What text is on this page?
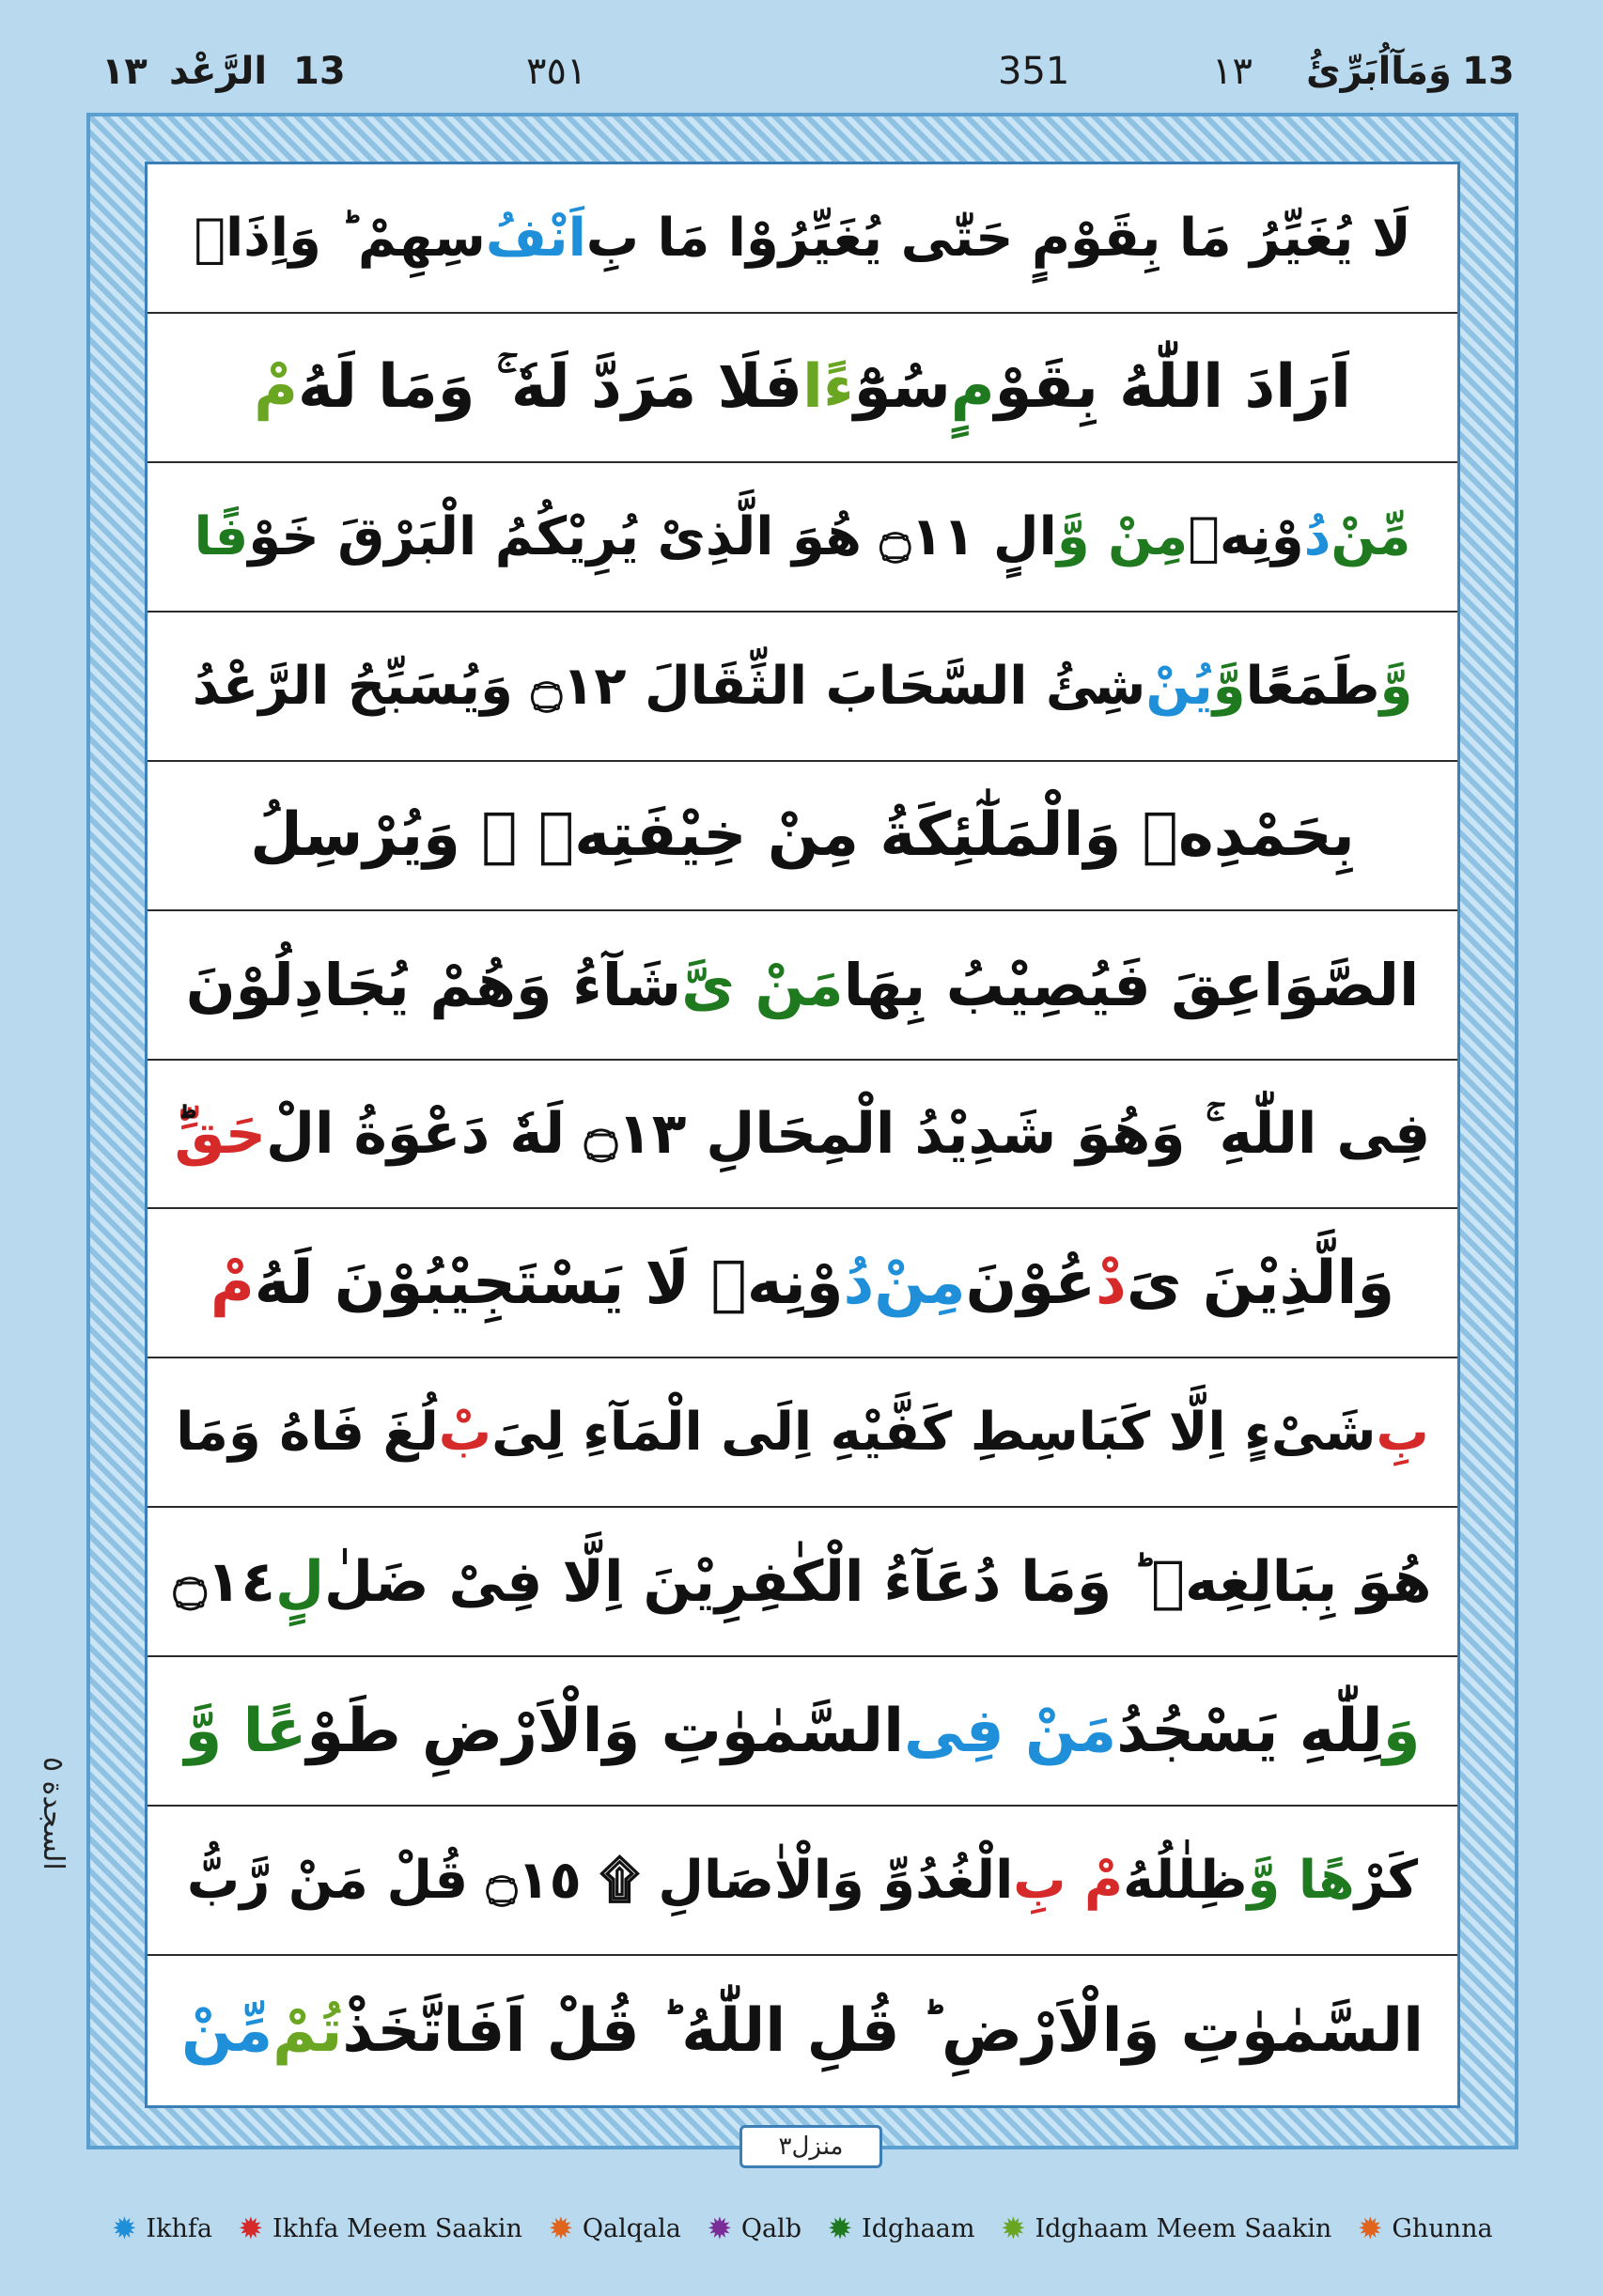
١٣ الرَّعْد 13	٣٥١	351	١٣ وَمَآاُبَرِّئُ 13
لَا يُغَيِّرُ مَا بِقَوْمٍ حَتّٰى يُغَيِّرُوْا مَا بِ
اَنْفُ
سِهِمْ ؕ وَاِذَاۤ
اَرَادَ اللّٰهُ بِقَوْ
مٍ
سُوْٓ
ءًا
فَلَا مَرَدَّ لَهٗ ۚ وَمَا لَهُ
مْ
مِّنْ
دُ
وْنِهٖ
مِنْ وَّ
الٍ ۝١١ هُوَ الَّذِیْ یُرِیْكُمُ الْبَرْقَ خَوْ
فًا
وَّ
طَمَعًا
وَّ
یُنْ
شِئُ السَّحَابَ الثِّقَالَ ۝١٢ وَیُسَبِّحُ الرَّعْدُ
بِحَمْدِهٖ وَالْمَلٰٓئِكَةُ مِنْ خِیْفَتِهٖ ۚ وَیُرْسِلُ
الصَّوَاعِقَ فَیُصِیْبُ بِهَا
مَنْ یَّ
شَآءُ وَهُمْ یُجَادِلُوْنَ
فِی اللّٰهِ ۚ وَهُوَ شَدِیْدُ الْمِحَالِ ۝١٣ لَهٗ دَعْوَةُ الْ
حَقِّ
وَالَّذِیْنَ یَ
دْ
عُوْنَ
مِنْ
دُ
وْنِهٖ لَا یَسْتَجِیْبُوْنَ لَهُ
مْ
بِ
شَیْءٍ اِلَّا كَبَاسِطِ كَفَّیْهِ اِلَى الْمَآءِ لِیَ
بْ
لُغَ فَاهُ وَمَا
هُوَ بِبَالِغِهٖ ؕ وَمَا دُعَآءُ الْكٰفِرِیْنَ اِلَّا فِیْ ضَلٰ
لٍ
۝١٤
وَ
لِلّٰهِ یَسْجُدُ
مَنْ فِی
السَّمٰوٰتِ وَالْاَرْضِ طَوْ
عًا وَّ
كَرْ
هًا وَّ
ظِلٰلُهُ
مْ بِ
الْغُدُوِّ وَالْاٰصَالِ ۩ ۝١٥ قُلْ مَنْ رَّبُّ
السَّمٰوٰتِ وَالْاَرْضِ ؕ قُلِ اللّٰهُ ؕ قُلْ اَفَاتَّخَذْ
تُمْ
مِّنْ
السجدة ٥
منزل٣
✹ Ikhfa ✹ Ikhfa Meem Saakin ✹ Qalqala ✹ Qalb ✹ Idghaam ✹ Idghaam Meem Saakin ✹ Ghunna
